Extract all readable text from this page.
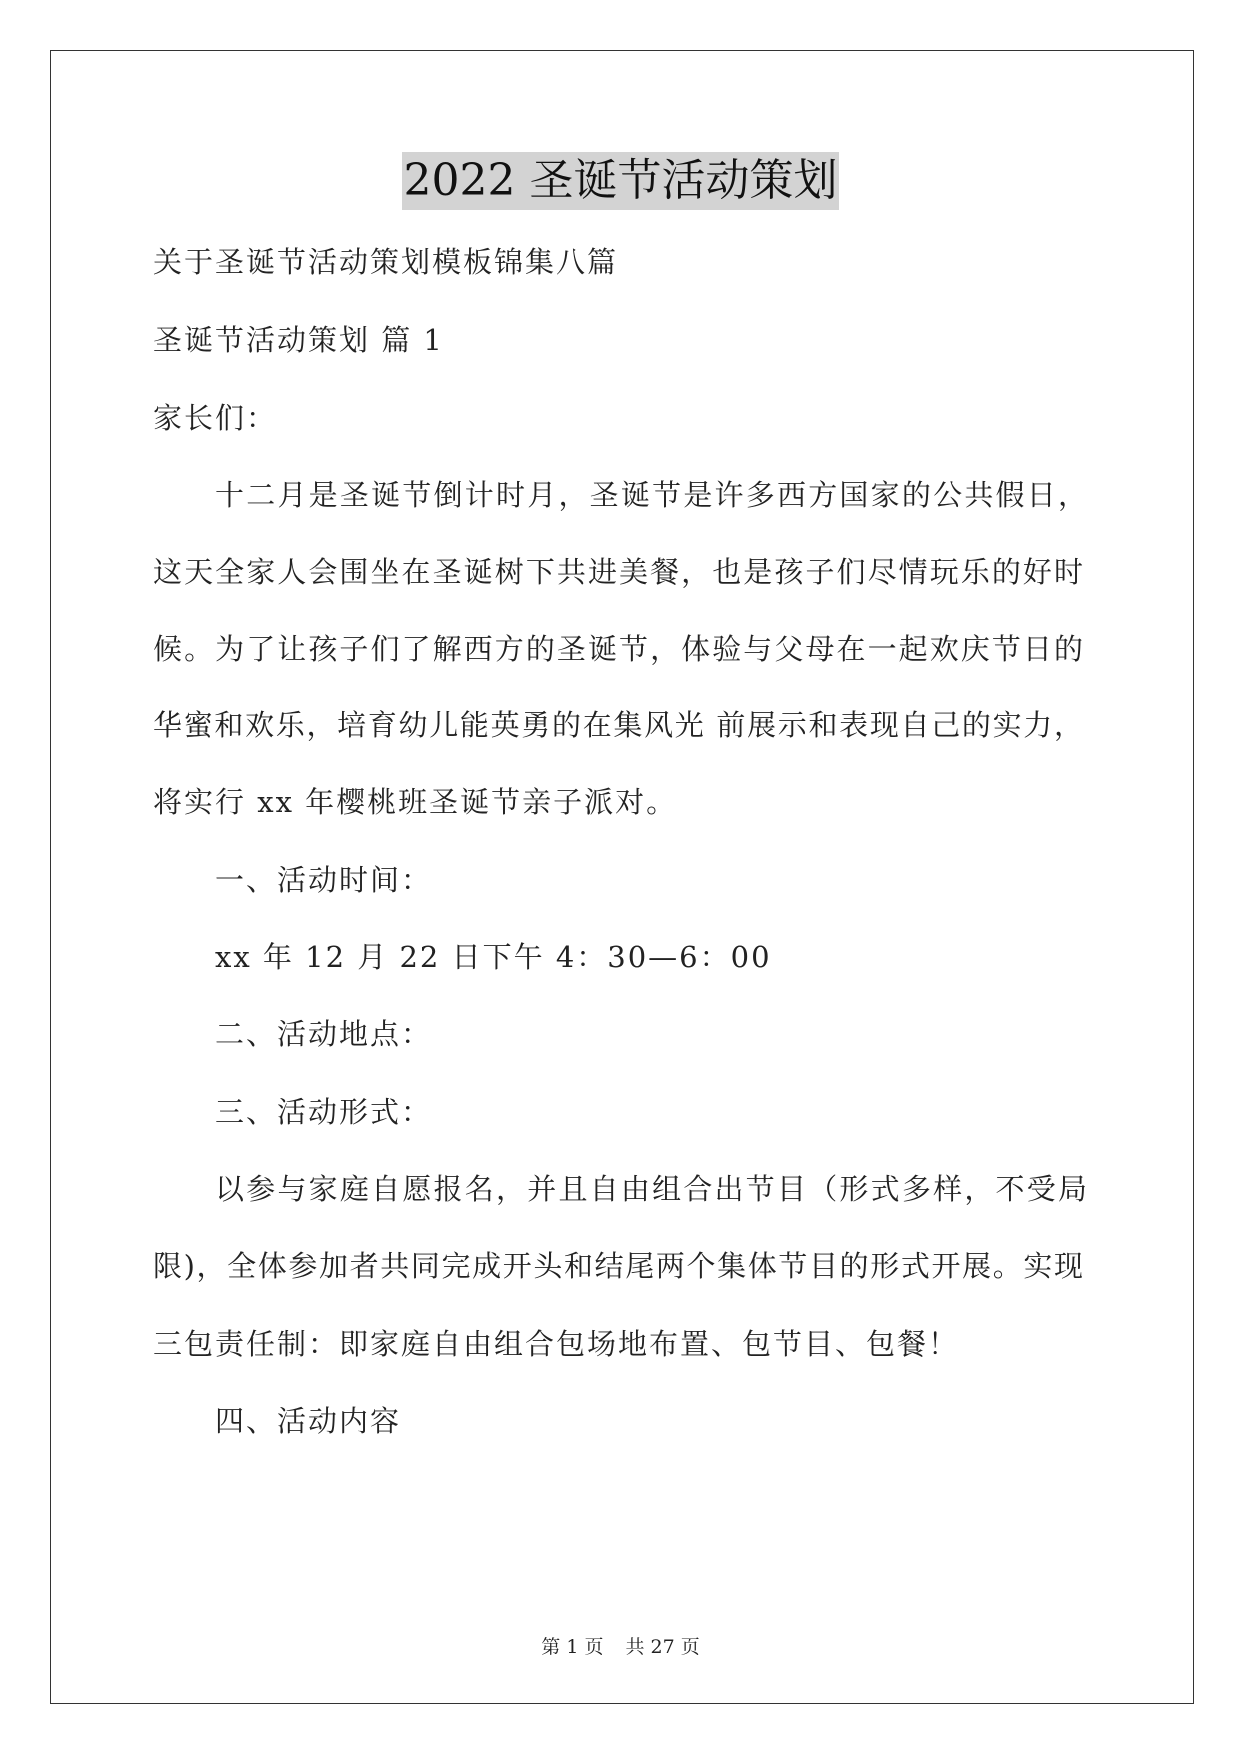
2022 圣诞节活动策划
关于圣诞节活动策划模板锦集八篇
圣诞节活动策划 篇 1
家长们：
十二月是圣诞节倒计时月，圣诞节是许多西方国家的公共假日，
这天全家人会围坐在圣诞树下共进美餐，也是孩子们尽情玩乐的好时
候。为了让孩子们了解西方的圣诞节，体验与父母在一起欢庆节日的
华蜜和欢乐，培育幼儿能英勇的在集风光 前展示和表现自己的实力，
将实行 xx 年樱桃班圣诞节亲子派对。
一、活动时间：
xx 年 12 月 22 日下午 4：30—6：00
二、活动地点：
三、活动形式：
以参与家庭自愿报名，并且自由组合出节目（形式多样，不受局
限)，全体参加者共同完成开头和结尾两个集体节目的形式开展。实现
三包责任制：即家庭自由组合包场地布置、包节目、包餐！
四、活动内容
第 1 页 共 27 页
